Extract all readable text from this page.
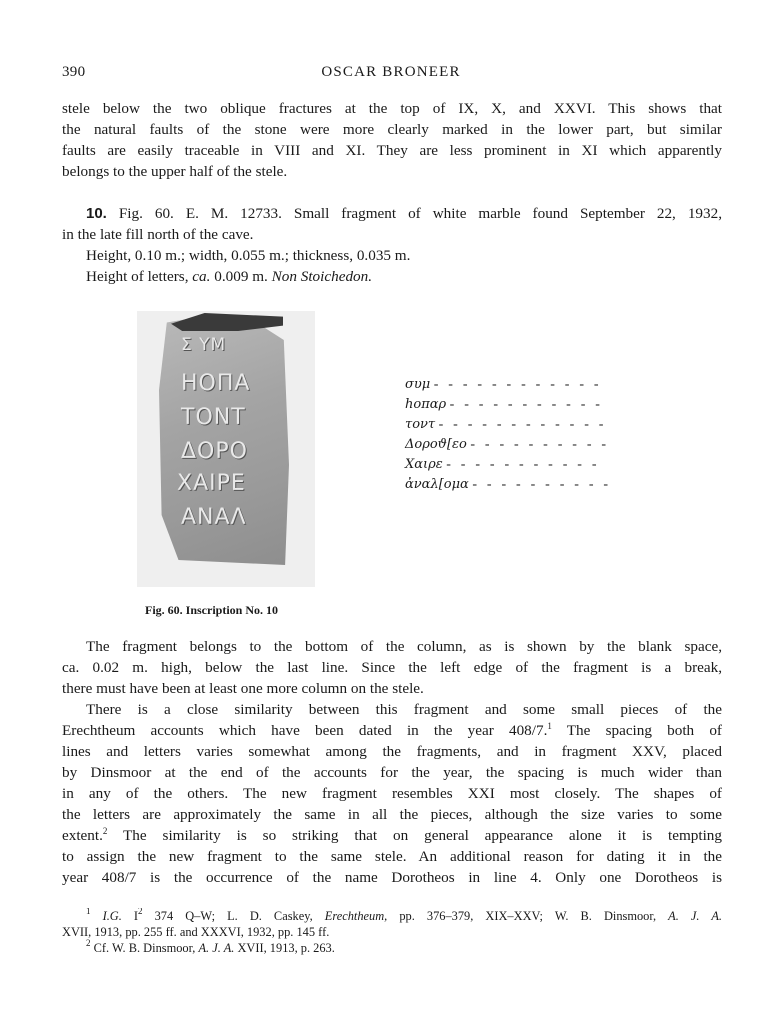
390	OSCAR BRONEER
stele below the two oblique fractures at the top of IX, X, and XXVI. This shows that
the natural faults of the stone were more clearly marked in the lower part, but similar
faults are easily traceable in VIII and XI. They are less prominent in XI which apparently
belongs to the upper half of the stele.
10. Fig. 60. E. M. 12733. Small fragment of white marble found September 22, 1932,
in the late fill north of the cave.
Height, 0.10 m.; width, 0.055 m.; thickness, 0.035 m.
Height of letters, ca. 0.009 m. Non Stoichedon.
Σ ΥΜ
ΗΟΠΑ
ΤΟΝΤ
ΔΟΡΟ
ΧΑΙΡΕ
ΑΝΑΛ
Fig. 60. Inscription No. 10
συμ - - - - - - - - - - - -
ℎοπαρ - - - - - - - - - - -
τοντ - - - - - - - - - - - -
Δοροϑ[εο - - - - - - - - - -
Χαιρε - - - - - - - - - - -
ἀναλ[ομα - - - - - - - - - -
The fragment belongs to the bottom of the column, as is shown by the blank space,
ca. 0.02 m. high, below the last line. Since the left edge of the fragment is a break,
there must have been at least one more column on the stele.
There is a close similarity between this fragment and some small pieces of the
Erechtheum accounts which have been dated in the year 408/7.$^1$ The spacing both of
lines and letters varies somewhat among the fragments, and in fragment XXV, placed
by Dinsmoor at the end of the accounts for the year, the spacing is much wider than
in any of the others. The new fragment resembles XXI most closely. The shapes of
the letters are approximately the same in all the pieces, although the size varies to some
extent.$^2$ The similarity is so striking that on general appearance alone it is tempting
to assign the new fragment to the same stele. An additional reason for dating it in the
year 408/7 is the occurrence of the name Dorotheos in line 4. Only one Dorotheos is
$^1$ I.G. $I^2$ 374 Q–W; L. D. Caskey, Erechtheum, pp. 376–379, XIX–XXV; W. B. Dinsmoor, A. J. A.
XVII, 1913, pp. 255 ff. and XXXVI, 1932, pp. 145 ff.
$^2$ Cf. W. B. Dinsmoor, A. J. A. XVII, 1913, p. 263.
